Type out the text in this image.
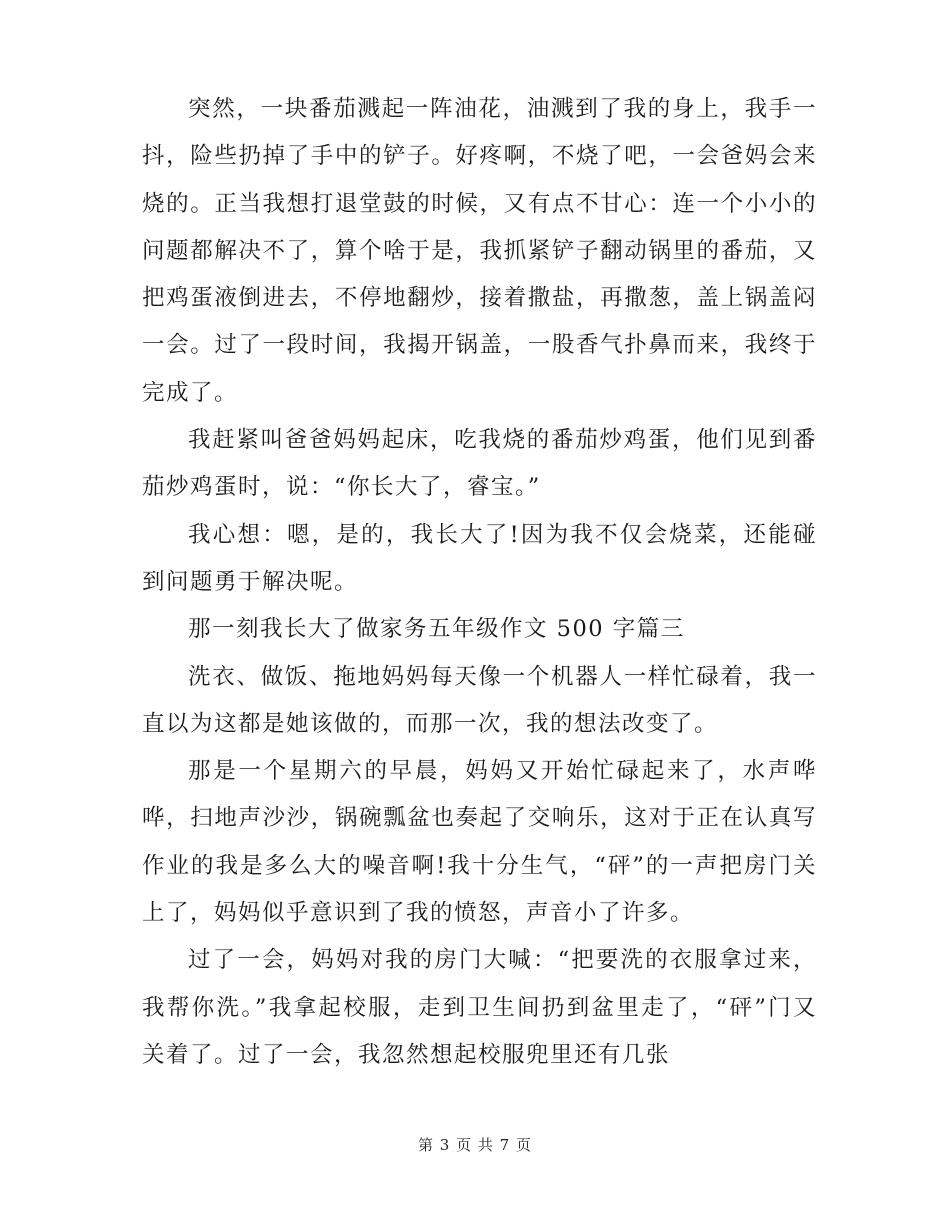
突然，一块番茄溅起一阵油花，油溅到了我的身上，我手一抖，险些扔掉了手中的铲子。好疼啊，不烧了吧，一会爸妈会来烧的。正当我想打退堂鼓的时候，又有点不甘心：连一个小小的问题都解决不了，算个啥于是，我抓紧铲子翻动锅里的番茄，又把鸡蛋液倒进去，不停地翻炒，接着撒盐，再撒葱，盖上锅盖闷一会。过了一段时间，我揭开锅盖，一股香气扑鼻而来，我终于完成了。

我赶紧叫爸爸妈妈起床，吃我烧的番茄炒鸡蛋，他们见到番茄炒鸡蛋时，说：“你长大了，睿宝。”

我心想：嗯，是的，我长大了!因为我不仅会烧菜，还能碰到问题勇于解决呢。

那一刻我长大了做家务五年级作文 500 字篇三

洗衣、做饭、拖地妈妈每天像一个机器人一样忙碌着，我一直以为这都是她该做的，而那一次，我的想法改变了。

那是一个星期六的早晨，妈妈又开始忙碌起来了，水声哗哗，扫地声沙沙，锅碗瓢盆也奏起了交响乐，这对于正在认真写作业的我是多么大的噪音啊!我十分生气，“砰”的一声把房门关上了，妈妈似乎意识到了我的愤怒，声音小了许多。

过了一会，妈妈对我的房门大喊：“把要洗的衣服拿过来，我帮你洗。”我拿起校服，走到卫生间扔到盆里走了，“砰”门又关着了。过了一会，我忽然想起校服兜里还有几张

第 3 页 共 7 页
